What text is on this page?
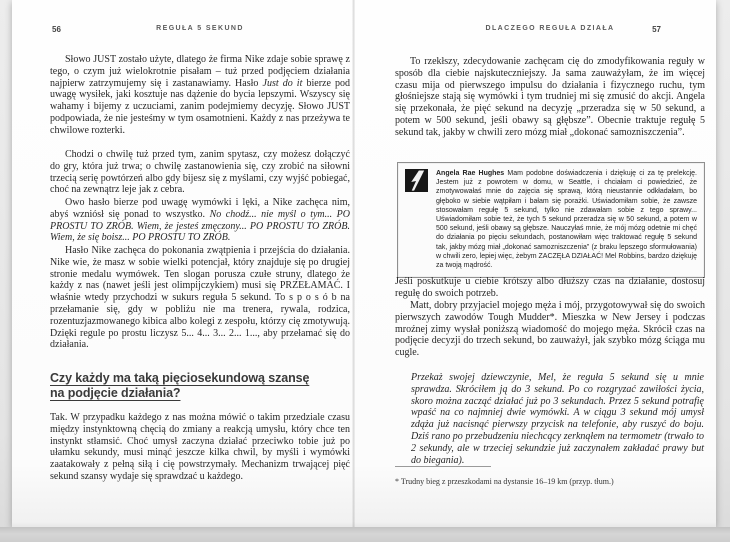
56	REGUŁA 5 SEKUND

Słowo JUST zostało użyte, dlatego że firma Nike zdaje sobie sprawę z tego, o czym już wielokrotnie pisałam – tuż przed podjęciem działania najpierw zatrzymujemy się i zastanawiamy. Hasło Just do it bierze pod uwagę wysiłek, jaki kosztuje nas dążenie do bycia lepszymi. Wszyscy się wahamy i bijemy z uczuciami, zanim podejmiemy decyzję. Słowo JUST podpowiada, że nie jesteśmy w tym osamotnieni. Każdy z nas przeżywa te chwilowe rozterki.

Chodzi o chwilę tuż przed tym, zanim spytasz, czy możesz dołączyć do gry, która już trwa; o chwilę zastanowienia się, czy zrobić na siłowni trzecią serię powtórzeń albo gdy bijesz się z myślami, czy wyjść pobiegać, choć na zewnątrz leje jak z cebra.

Owo hasło bierze pod uwagę wymówki i lęki, a Nike zachęca nim, abyś wzniósł się ponad to wszystko. No chodź... nie myśl o tym... PO PROSTU TO ZRÓB. Wiem, że jesteś zmęczony... PO PROSTU TO ZRÓB. Wiem, że się boisz... PO PROSTU TO ZRÓB.

Hasło Nike zachęca do pokonania zwątpienia i przejścia do działania. Nike wie, że masz w sobie wielki potencjał, który znajduje się po drugiej stronie medalu wymówek. Ten slogan porusza czułe struny, dlatego że każdy z nas (nawet jeśli jest olimpijczykiem) musi się PRZEŁAMAĆ. I właśnie wtedy przychodzi w sukurs reguła 5 sekund. To s p o s ó b na przełamanie się, gdy w pobliżu nie ma trenera, rywala, rodzica, rozentuzjazmowanego kibica albo kolegi z zespołu, którzy cię zmotywują. Dzięki regule po prostu liczysz 5... 4... 3... 2... 1..., aby przełamać się do działania.

Czy każdy ma taką pięciosekundową szansę
na podjęcie działania?

Tak. W przypadku każdego z nas można mówić o takim przedziale czasu między instynktowną chęcią do zmiany a reakcją umysłu, który chce ten instynkt stłamsić. Choć umysł zaczyna działać przeciwko tobie już po ułamku sekundy, musi minąć jeszcze kilka chwil, by myśli i wymówki zaatakowały z pełną siłą i cię powstrzymały. Mechanizm trwającej pięć sekund szansy wydaje się sprawdzać u każdego.

DLACZEGO REGUŁA DZIAŁA	57

To rzekłszy, zdecydowanie zachęcam cię do zmodyfikowania reguły w sposób dla ciebie najskuteczniejszy. Ja sama zauważyłam, że im więcej czasu mija od pierwszego impulsu do działania i fizycznego ruchu, tym głośniejsze stają się wymówki i tym trudniej mi się zmusić do akcji. Angela się przekonała, że pięć sekund na decyzję „przeradza się w 50 sekund, a potem w 500 sekund, jeśli obawy są głębsze”. Obecnie traktuje regułę 5 sekund tak, jakby w chwili zero mózg miał „dokonać samozniszczenia”.

Angela Rae Hughes Mam podobne doświadczenia i dziękuję ci za tę prelekcję. Jestem już z powrotem w domu, w Seattle, i chciałam ci powiedzieć, że zmotywowałaś mnie do zajęcia się sprawą, którą nieustannie odkładałam, bo głęboko w siebie wątpiłam i bałam się porażki. Uświadomiłam sobie, że zawsze stosowałam regułę 5 sekund, tylko nie zdawałam sobie z tego sprawy... Uświadomiłam sobie też, że tych 5 sekund przeradza się w 50 sekund, a potem w 500 sekund, jeśli obawy są głębsze. Nauczyłaś mnie, że mój mózg odetnie mi chęć do działania po pięciu sekundach, postanowiłam więc traktować regułę 5 sekund tak, jakby mózg miał „dokonać samozniszczenia” (z braku lepszego sformułowania) w chwili zero, lepiej więc, żebym ZACZĘŁA DZIAŁAĆ! Mel Robbins, bardzo dziękuję za twoją mądrość.

Jeśli poskutkuje u ciebie krótszy albo dłuższy czas na działanie, dostosuj regułę do swoich potrzeb.

Matt, dobry przyjaciel mojego męża i mój, przygotowywał się do swoich pierwszych zawodów Tough Mudder*. Mieszka w New Jersey i podczas mroźnej zimy wysłał poniższą wiadomość do mojego męża. Skrócił czas na podjęcie decyzji do trzech sekund, bo zauważył, jak szybko mózg ściąga mu cugle.

Przekaż swojej dziewczynie, Mel, że reguła 5 sekund się u mnie sprawdza. Skróciłem ją do 3 sekund. Po co rozgryzać zawiłości życia, skoro można zacząć działać już po 3 sekundach. Przez 5 sekund potrafię wpaść na co najmniej dwie wymówki. A w ciągu 3 sekund mój umysł zdąża już nacisnąć pierwszy przycisk na telefonie, aby ruszyć do boju. Dziś rano po przebudzeniu niechcący zerknąłem na termometr (trwało to 2 sekundy, ale w trzeciej sekundzie już zaczynałem zakładać prawy but do biegania).

* Trudny bieg z przeszkodami na dystansie 16–19 km (przyp. tłum.)
